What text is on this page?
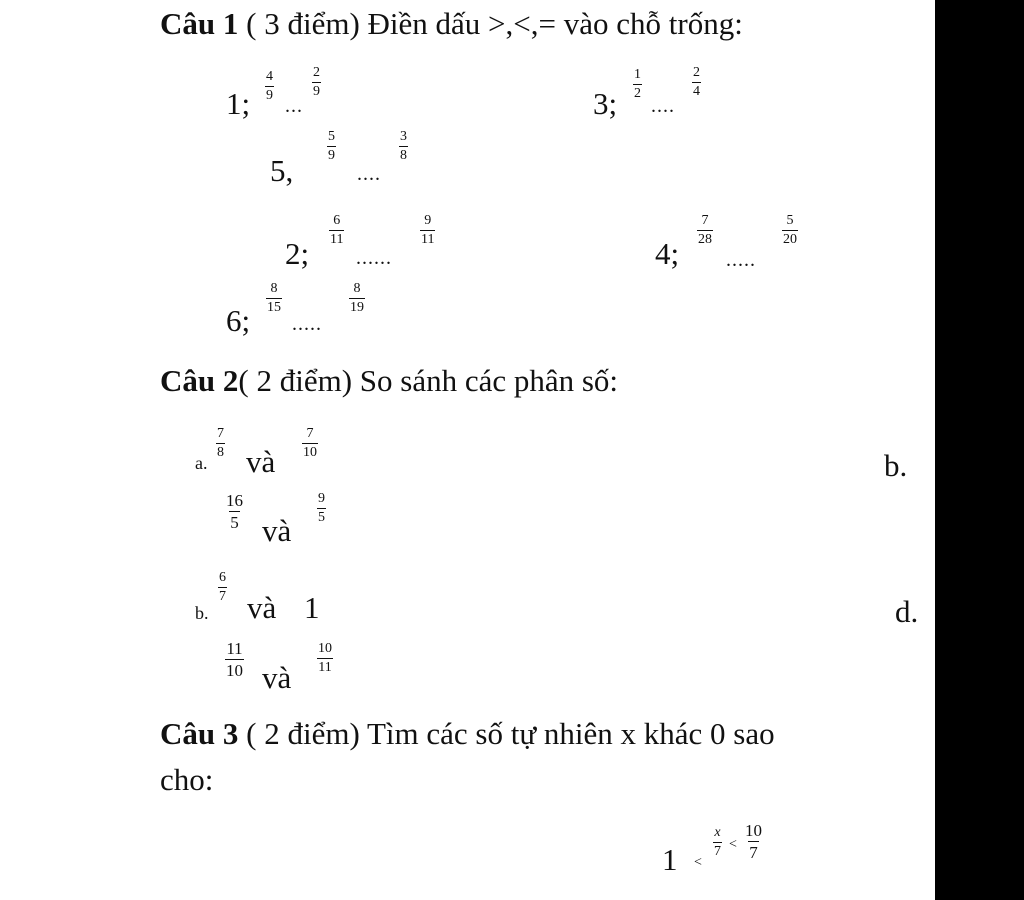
Câu 1 ( 3 điểm) Điền dấu >,<,= vào chỗ trống:
1; $\frac{4}{9}$
...
$\frac{2}{9}$
3;
$\frac{1}{2}$
....
$\frac{2}{4}$
5,
$\frac{5}{9}$
....
$\frac{3}{8}$
2;
$\frac{6}{11}$
......
$\frac{9}{11}$
4;
$\frac{7}{28}$
.....
$\frac{5}{20}$
6;
$\frac{8}{15}$
.....
$\frac{8}{19}$
Câu 2( 2 điểm) So sánh các phân số:
a.
$\frac{7}{8}$
và
$\frac{7}{10}$
b.
$\frac{16}{5}$ và
$\frac{9}{5}$
b.
$\frac{6}{7}$
và 1	d.
$\frac{11}{10}$ và
$\frac{10}{11}$
Câu 3 ( 2 điểm) Tìm các số tự nhiên x khác 0 sao
cho:
1 <
$\frac{x}{7} < \frac{10}{7}$
